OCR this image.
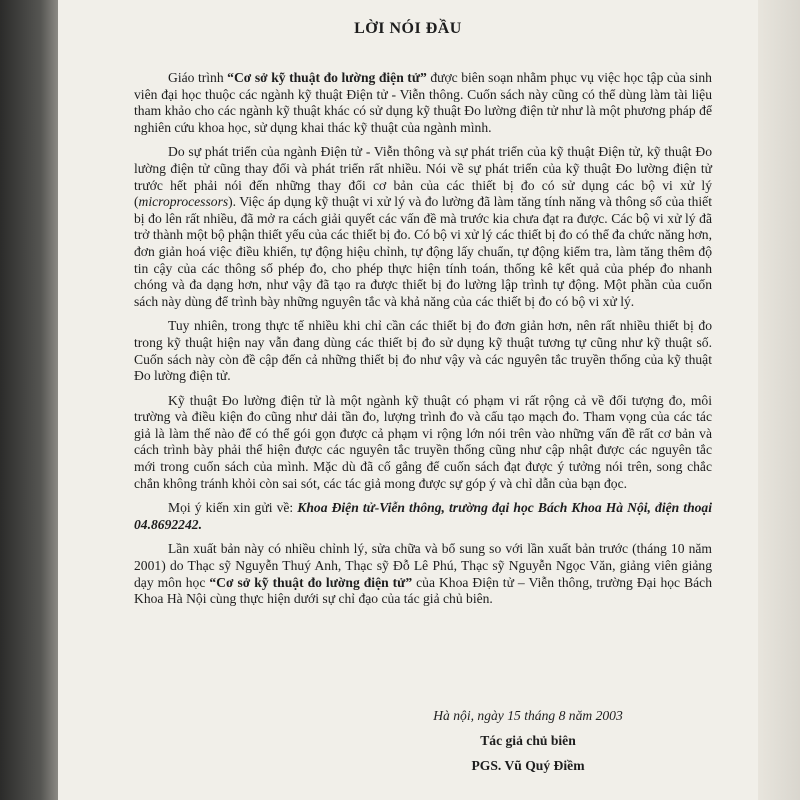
LỜI NÓI ĐẦU

Giáo trình “Cơ sở kỹ thuật đo lường điện tử” được biên soạn nhằm phục vụ việc học tập của sinh viên đại học thuộc các ngành kỹ thuật Điện tử - Viễn thông. Cuốn sách này cũng có thể dùng làm tài liệu tham khảo cho các ngành kỹ thuật khác có sử dụng kỹ thuật Đo lường điện tử như là một phương pháp để nghiên cứu khoa học, sử dụng khai thác kỹ thuật của ngành mình.

Do sự phát triển của ngành Điện tử - Viễn thông và sự phát triển của kỹ thuật Điện tử, kỹ thuật Đo lường điện tử cũng thay đổi và phát triển rất nhiều. Nói về sự phát triển của kỹ thuật Đo lường điện tử trước hết phải nói đến những thay đổi cơ bản của các thiết bị đo có sử dụng các bộ vi xử lý (microprocessors). Việc áp dụng kỹ thuật vi xử lý và đo lường đã làm tăng tính năng và thông số của thiết bị đo lên rất nhiều, đã mở ra cách giải quyết các vấn đề mà trước kia chưa đạt ra được. Các bộ vi xử lý đã trở thành một bộ phận thiết yếu của các thiết bị đo. Có bộ vi xử lý các thiết bị đo có thể đa chức năng hơn, đơn giản hoá việc điều khiển, tự động hiệu chỉnh, tự động lấy chuẩn, tự động kiểm tra, làm tăng thêm độ tin cậy của các thông số phép đo, cho phép thực hiện tính toán, thống kê kết quả của phép đo nhanh chóng và đa dạng hơn, như vậy đã tạo ra được thiết bị đo lường lập trình tự động. Một phần của cuốn sách này dùng để trình bày những nguyên tắc và khả năng của các thiết bị đo có bộ vi xử lý.

Tuy nhiên, trong thực tế nhiều khi chỉ cần các thiết bị đo đơn giản hơn, nên rất nhiều thiết bị đo trong kỹ thuật hiện nay vẫn đang dùng các thiết bị đo sử dụng kỹ thuật tương tự cũng như kỹ thuật số. Cuốn sách này còn đề cập đến cả những thiết bị đo như vậy và các nguyên tắc truyền thống của kỹ thuật Đo lường điện tử.

Kỹ thuật Đo lường điện tử là một ngành kỹ thuật có phạm vi rất rộng cả về đối tượng đo, môi trường và điều kiện đo cũng như dải tần đo, lượng trình đo và cấu tạo mạch đo. Tham vọng của các tác giả là làm thế nào để có thể gói gọn được cả phạm vi rộng lớn nói trên vào những vấn đề rất cơ bản và cách trình bày phải thể hiện được các nguyên tắc truyền thống cũng như cập nhật được các nguyên tắc mới trong cuốn sách của mình. Mặc dù đã cố gắng để cuốn sách đạt được ý tưởng nói trên, song chắc chắn không tránh khỏi còn sai sót, các tác giả mong được sự góp ý và chỉ dẫn của bạn đọc.

Mọi ý kiến xin gửi về: Khoa Điện tử-Viễn thông, trường đại học Bách Khoa Hà Nội, điện thoại 04.8692242.

Lần xuất bản này có nhiều chỉnh lý, sửa chữa và bổ sung so với lần xuất bản trước (tháng 10 năm 2001) do Thạc sỹ Nguyễn Thuý Anh, Thạc sỹ Đỗ Lê Phú, Thạc sỹ Nguyễn Ngọc Văn, giảng viên giảng dạy môn học “Cơ sở kỹ thuật đo lường điện tử” của Khoa Điện tử – Viễn thông, trường Đại học Bách Khoa Hà Nội cùng thực hiện dưới sự chỉ đạo của tác giả chủ biên.

Hà nội, ngày 15 tháng 8 năm 2003
Tác giả chủ biên
PGS. Vũ Quý Điềm
